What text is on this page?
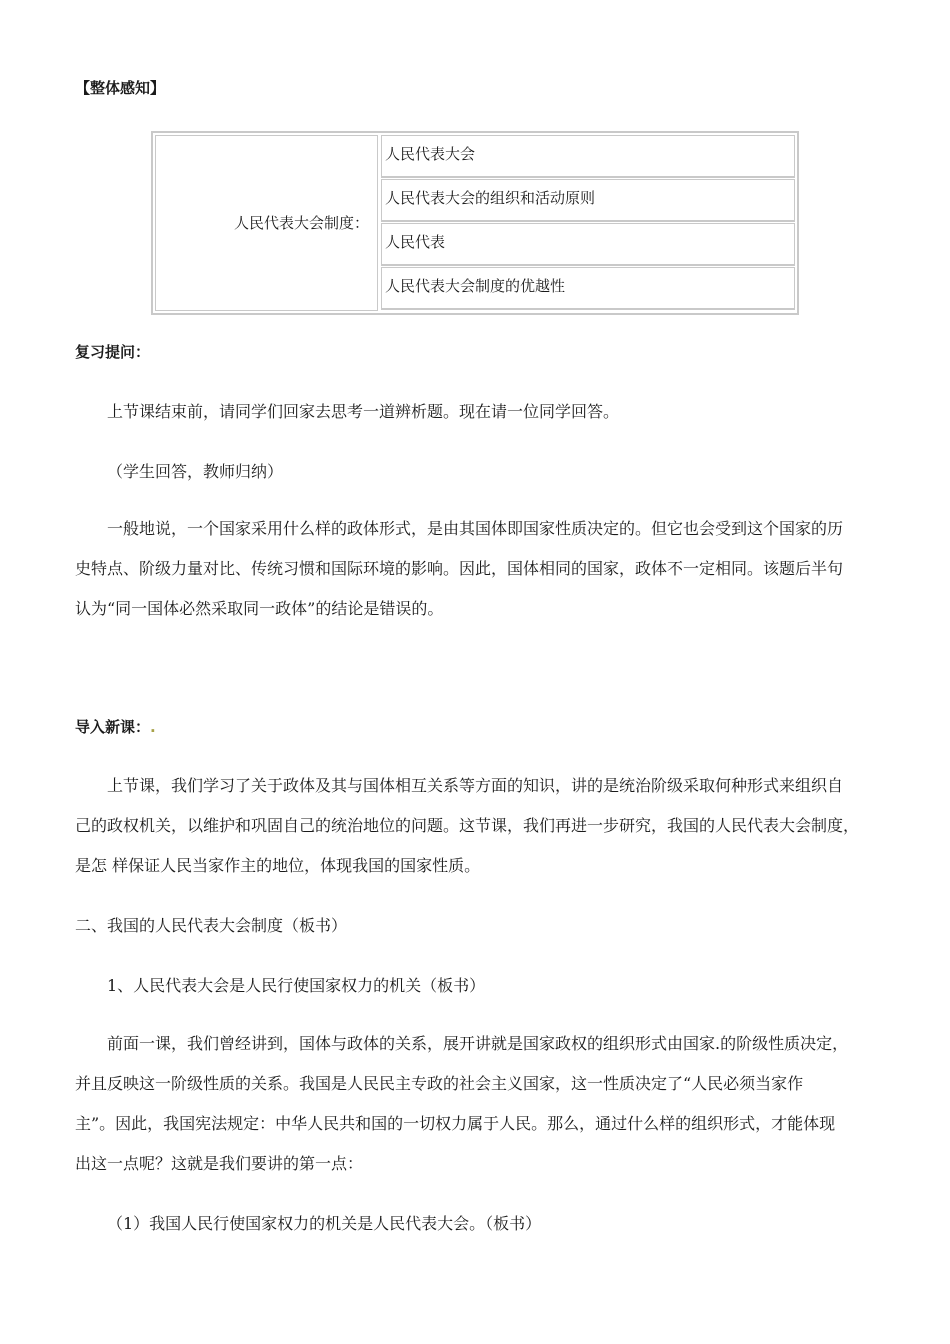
【整体感知】
人民代表大会制度：
人民代表大会
人民代表大会的组织和活动原则
人民代表
人民代表大会制度的优越性
复习提问：
上节课结束前，请同学们回家去思考一道辨析题。现在请一位同学回答。
（学生回答，教师归纳）
一般地说，一个国家采用什么样的政体形式，是由其国体即国家性质决定的。但它也会受到这个国家的历
史特点、阶级力量对比、传统习惯和国际环境的影响。因此，国体相同的国家，政体不一定相同。该题后半句
认为“同一国体必然采取同一政体”的结论是错误的。
导入新课：.
上节课，我们学习了关于政体及其与国体相互关系等方面的知识，讲的是统治阶级采取何种形式来组织自
己的政权机关，以维护和巩固自己的统治地位的问题。这节课，我们再进一步研究，我国的人民代表大会制度，
是怎 样保证人民当家作主的地位，体现我国的国家性质。
二、我国的人民代表大会制度（板书）
1、人民代表大会是人民行使国家权力的机关（板书）
前面一课，我们曾经讲到，国体与政体的关系，展开讲就是国家政权的组织形式由国家.的阶级性质决定，
并且反映这一阶级性质的关系。我国是人民民主专政的社会主义国家，这一性质决定了“人民必须当家作
主”。因此，我国宪法规定：中华人民共和国的一切权力属于人民。那么，通过什么样的组织形式，才能体现
出这一点呢？这就是我们要讲的第一点：
（1）我国人民行使国家权力的机关是人民代表大会。（板书）
